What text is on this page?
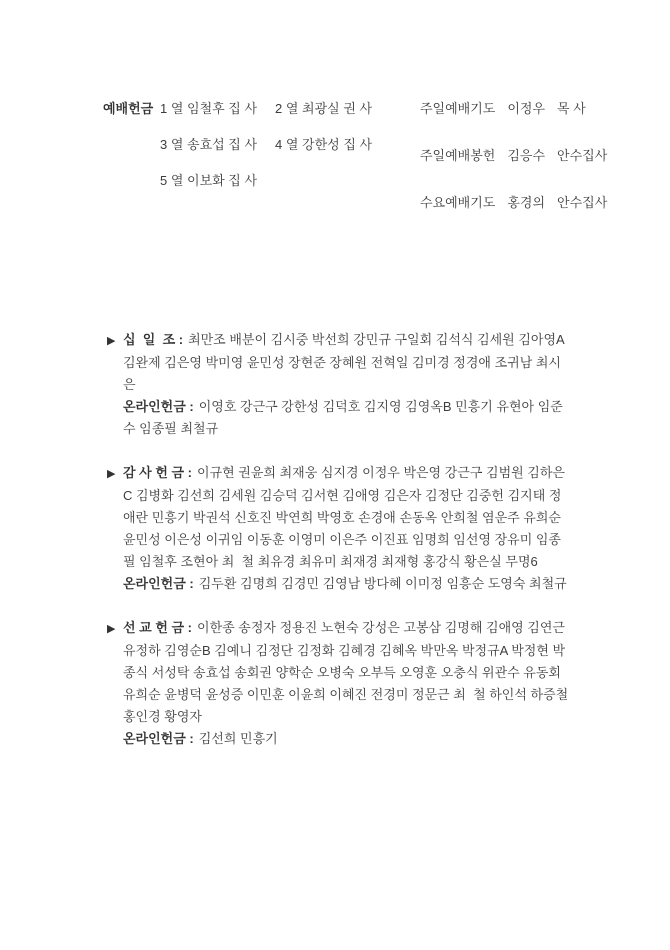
예배헌금 1 열 임철후 집 사 2 열 최광실 권 사
3 열 송효섭 집 사 4 열 강한성 집 사
5 열 이보화 집 사
주일예배기도 이정우 목 사
주일예배봉헌 김응수 안수집사
수요예배기도 홍경의 안수집사

▶ 십  일  조 : 최만조 배분이 김시중 박선희 강민규 구일회 김석식 김세원 김아영A 김완제 김은영 박미영 윤민성 장현준 장혜원 전혁일 김미경 정경애 조귀남 최시은

온라인헌금 : 이영호 강근구 강한성 김덕호 김지영 김영옥B 민흥기 유현아 임준수 임종필 최철규

▶ 감 사 헌 금 : 이규현 권윤희 최재웅 심지경 이정우 박은영 강근구 김범원 김하은C 김병화 김선희 김세원 김승덕 김서현 김애영 김은자 김정단 김중헌 김지태 정애란 민흥기 박권석 신호진 박연희 박영호 손경애 손동옥 안희철 염운주 유희순 윤민성 이은성 이귀임 이동훈 이영미 이은주 이진표 임명희 임선영 장유미 임종필 임철후 조현아 최  철 최유경 최유미 최재경 최재형 홍강식 황은실 무명6

온라인헌금 : 김두환 김명희 김경민 김영남 방다혜 이미정 임흥순 도영숙 최철규

▶ 선 교 헌 금 : 이한종 송정자 정용진 노현숙 강성은 고봉삼 김명해 김애영 김연근 유정하 김영순B 김예니 김정단 김정화 김혜경 김혜옥 박만옥 박정규A 박정현 박종식 서성탁 송효섭 송회권 양학순 오병숙 오부득 오영훈 오충식 위관수 유동회 유희순 윤병덕 윤성증 이민훈 이윤희 이혜진 전경미 정문근 최  철 하인석 하증철 홍인경 황영자

온라인헌금 : 김선희 민흥기
